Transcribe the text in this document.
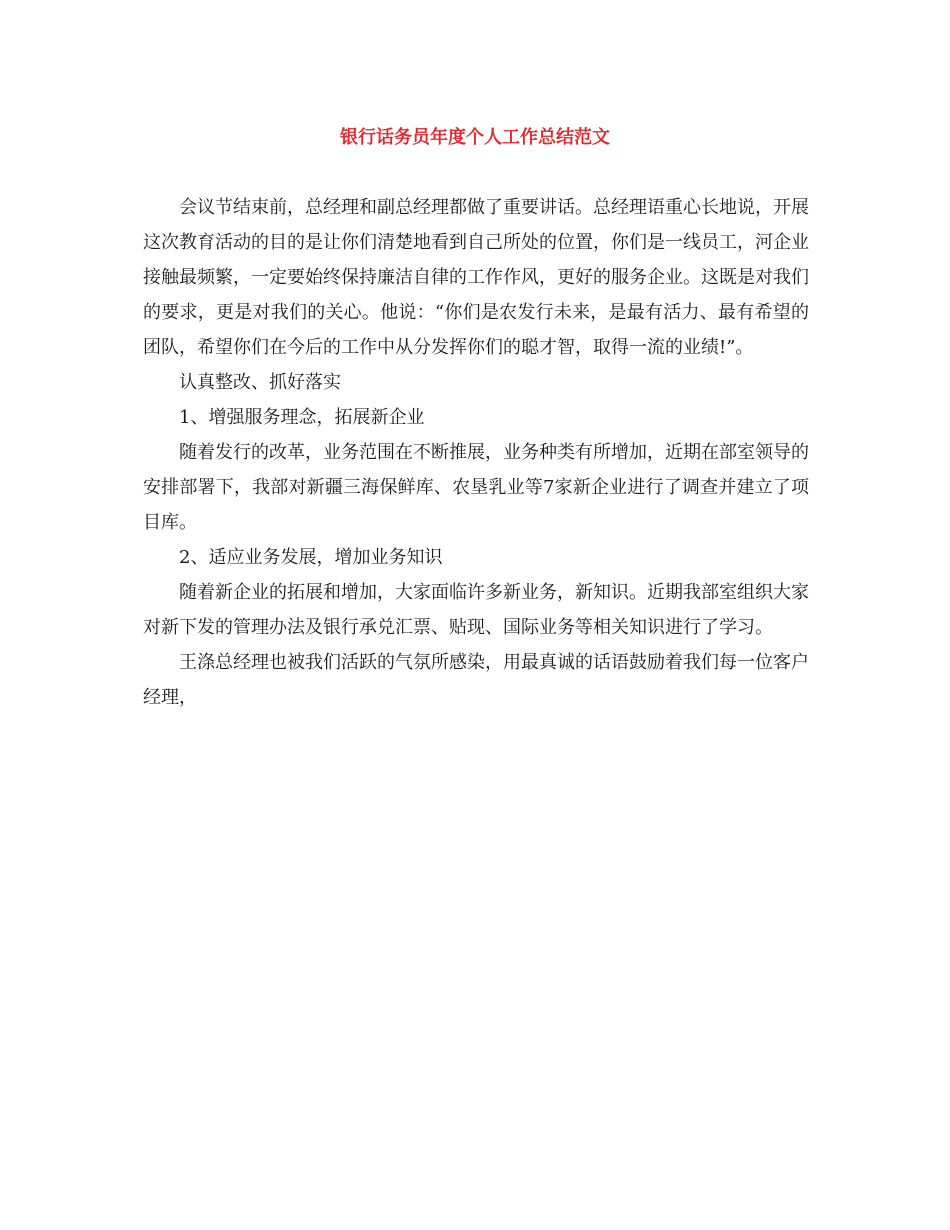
银行话务员年度个人工作总结范文

会议节结束前，总经理和副总经理都做了重要讲话。总经理语重心长地说，开展这次教育活动的目的是让你们清楚地看到自己所处的位置，你们是一线员工，河企业接触最频繁，一定要始终保持廉洁自律的工作作风，更好的服务企业。这既是对我们的要求，更是对我们的关心。他说：“你们是农发行未来，是最有活力、最有希望的团队，希望你们在今后的工作中从分发挥你们的聪才智，取得一流的业绩!”。

认真整改、抓好落实

1、增强服务理念，拓展新企业

随着发行的改革，业务范围在不断推展，业务种类有所增加，近期在部室领导的安排部署下，我部对新疆三海保鲜库、农垦乳业等7家新企业进行了调查并建立了项目库。

2、适应业务发展，增加业务知识

随着新企业的拓展和增加，大家面临许多新业务，新知识。近期我部室组织大家对新下发的管理办法及银行承兑汇票、贴现、国际业务等相关知识进行了学习。

王涤总经理也被我们活跃的气氛所感染，用最真诚的话语鼓励着我们每一位客户经理，
